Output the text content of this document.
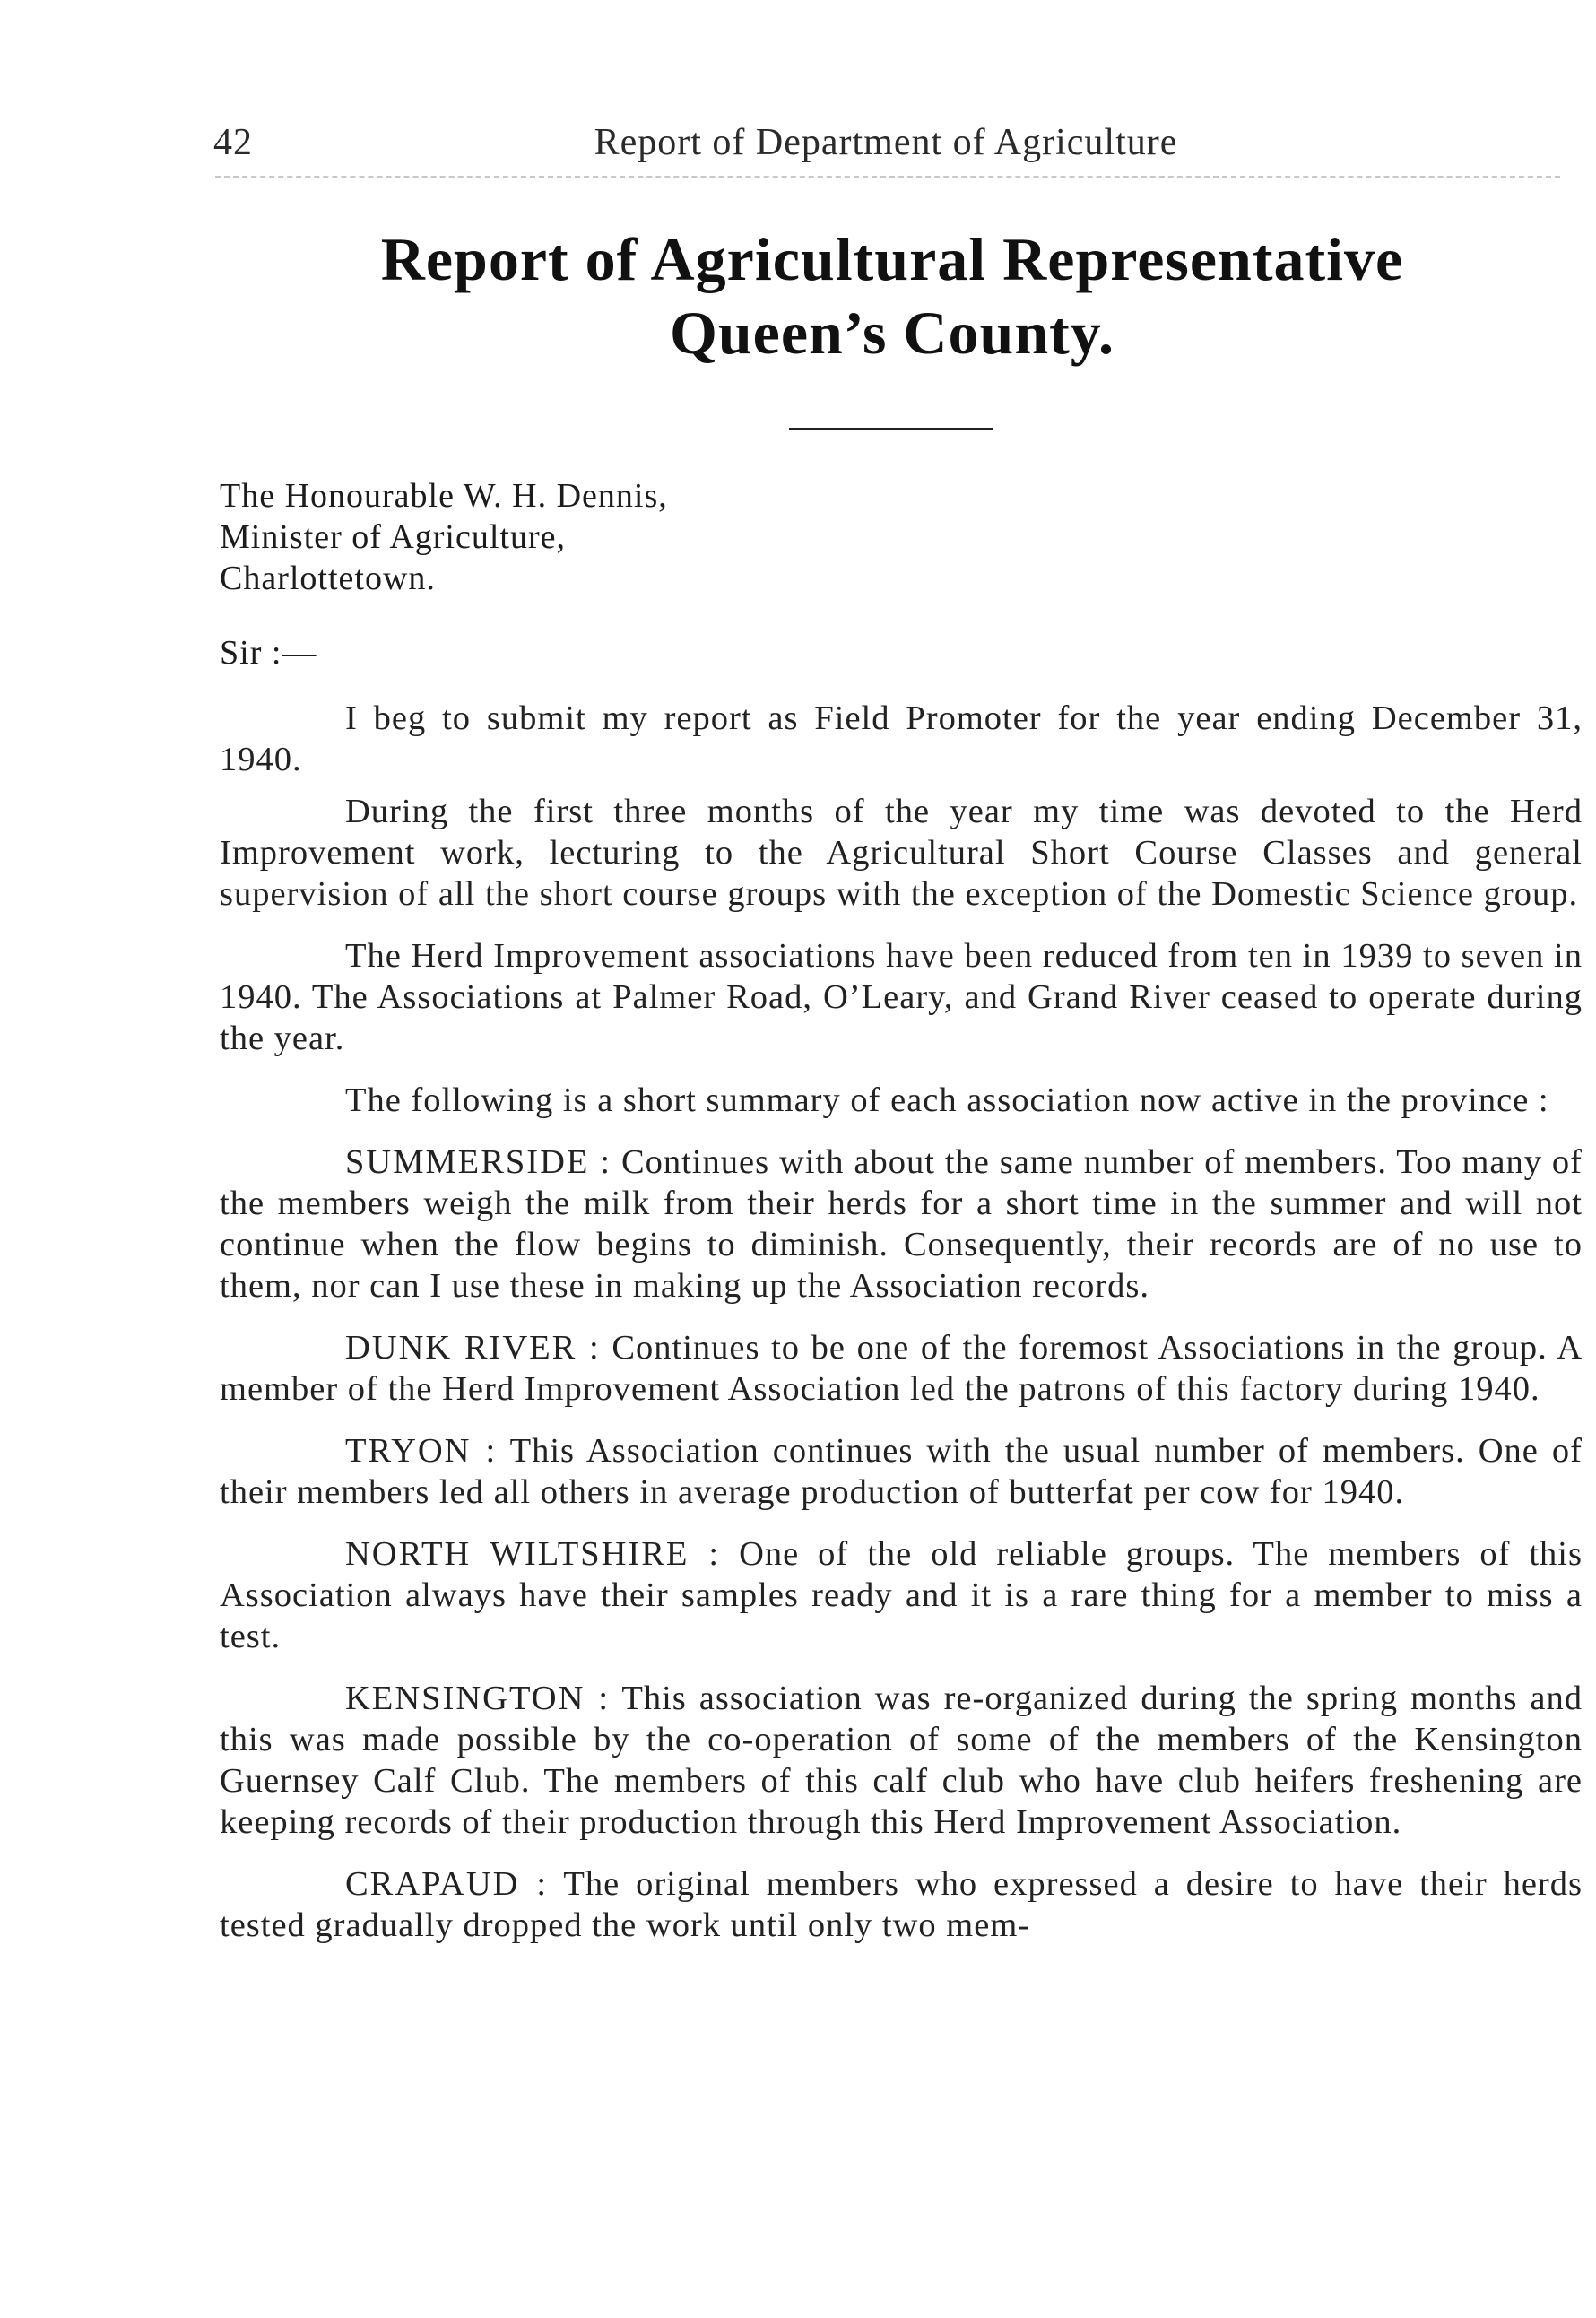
42	Report of Department of Agriculture
Report of Agricultural Representative
Queen’s County.
The Honourable W. H. Dennis,
Minister of Agriculture,
Charlottetown.
Sir :—

I beg to submit my report as Field Promoter for the year ending December 31, 1940.

During the first three months of the year my time was devoted to the Herd Improvement work, lecturing to the Agricultural Short Course Classes and general supervision of all the short course groups with the exception of the Domestic Science group.

The Herd Improvement associations have been reduced from ten in 1939 to seven in 1940. The Associations at Palmer Road, O’Leary, and Grand River ceased to operate during the year.

The following is a short summary of each association now active in the province :

SUMMERSIDE : Continues with about the same number of members. Too many of the members weigh the milk from their herds for a short time in the summer and will not continue when the flow begins to diminish. Consequently, their records are of no use to them, nor can I use these in making up the Association records.

DUNK RIVER : Continues to be one of the foremost Associations in the group. A member of the Herd Improvement Association led the patrons of this factory during 1940.

TRYON : This Association continues with the usual number of members. One of their members led all others in average production of butterfat per cow for 1940.

NORTH WILTSHIRE : One of the old reliable groups. The members of this Association always have their samples ready and it is a rare thing for a member to miss a test.

KENSINGTON : This association was re-organized during the spring months and this was made possible by the co-operation of some of the members of the Kensington Guernsey Calf Club. The members of this calf club who have club heifers freshening are keeping records of their production through this Herd Improvement Association.

CRAPAUD : The original members who expressed a desire to have their herds tested gradually dropped the work until only two mem-
